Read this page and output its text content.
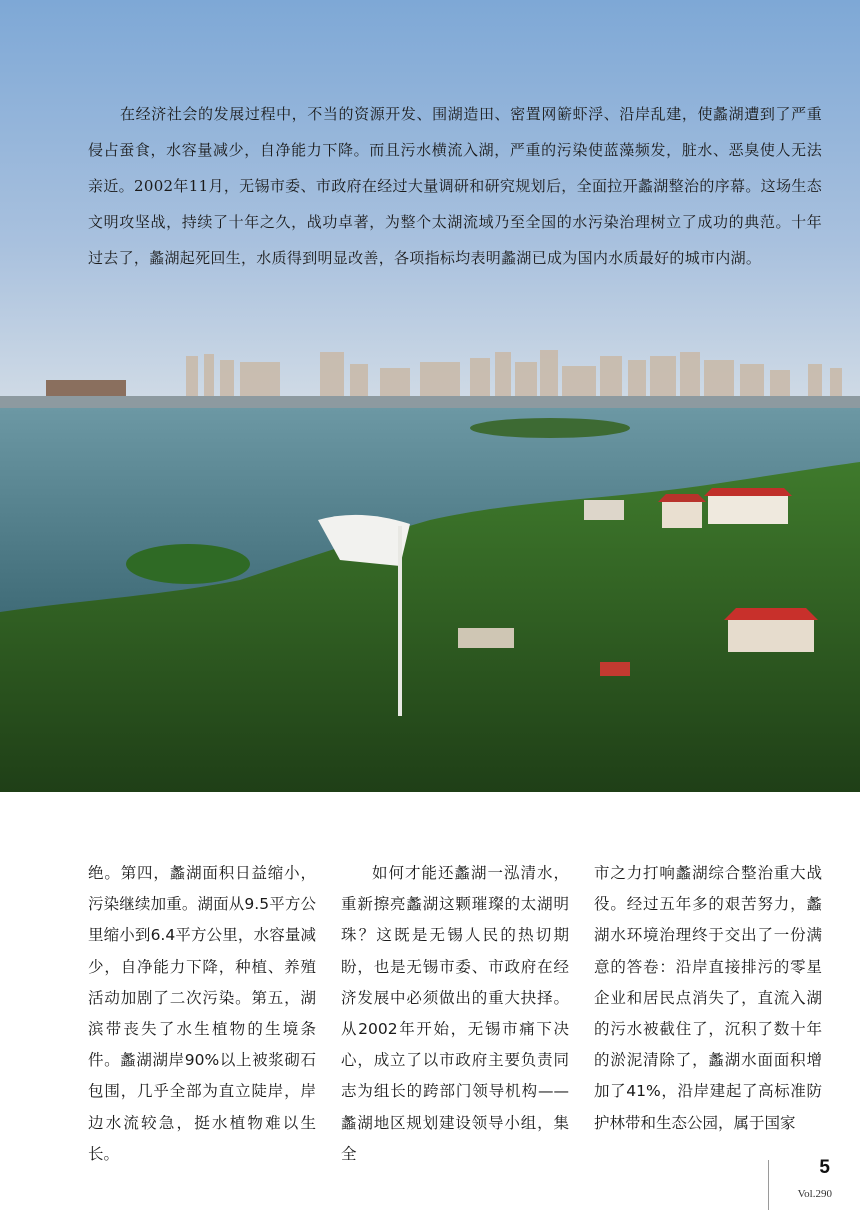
在经济社会的发展过程中，不当的资源开发、围湖造田、密置网簖虾浮、沿岸乱建，使蠡湖遭到了严重侵占蚕食，水容量减少，自净能力下降。而且污水横流入湖，严重的污染使蓝藻频发，脏水、恶臭使人无法亲近。2002年11月，无锡市委、市政府在经过大量调研和研究规划后，全面拉开蠡湖整治的序幕。这场生态文明攻坚战，持续了十年之久，战功卓著，为整个太湖流域乃至全国的水污染治理树立了成功的典范。十年过去了，蠡湖起死回生，水质得到明显改善，各项指标均表明蠡湖已成为国内水质最好的城市内湖。

绝。第四，蠡湖面积日益缩小，污染继续加重。湖面从9.5平方公里缩小到6.4平方公里，水容量减少，自净能力下降，种植、养殖活动加剧了二次污染。第五，湖滨带丧失了水生植物的生境条件。蠡湖湖岸90%以上被浆砌石包围，几乎全部为直立陡岸，岸边水流较急，挺水植物难以生长。

如何才能还蠡湖一泓清水，重新擦亮蠡湖这颗璀璨的太湖明珠？这既是无锡人民的热切期盼，也是无锡市委、市政府在经济发展中必须做出的重大抉择。从2002年开始，无锡市痛下决心，成立了以市政府主要负责同志为组长的跨部门领导机构——蠡湖地区规划建设领导小组，集全

市之力打响蠡湖综合整治重大战役。经过五年多的艰苦努力，蠡湖水环境治理终于交出了一份满意的答卷：沿岸直接排污的零星企业和居民点消失了，直流入湖的污水被截住了，沉积了数十年的淤泥清除了，蠡湖水面面积增加了41%，沿岸建起了高标准防护林带和生态公园，属于国家

5
Vol.290
